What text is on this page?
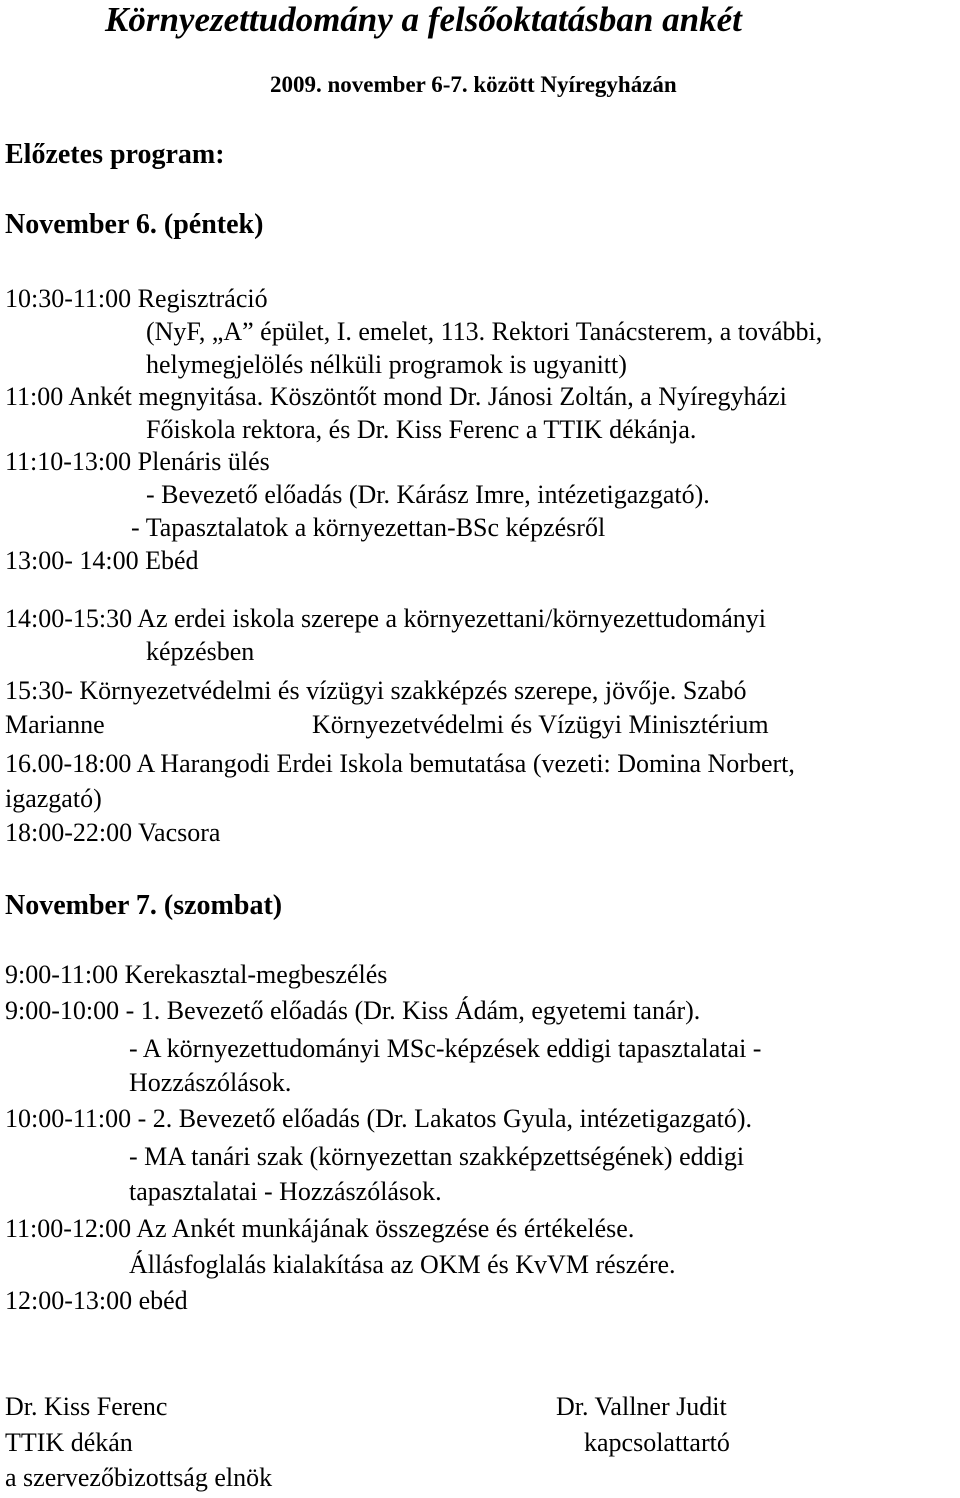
Környezettudomány a felsőoktatásban ankét
2009. november 6-7. között Nyíregyházán
Előzetes program:
November 6. (péntek)
10:30-11:00 Regisztráció
(NyF, „A” épület, I. emelet, 113. Rektori Tanácsterem, a további,
helymegjelölés nélküli programok is ugyanitt)
11:00 Ankét megnyitása. Köszöntőt mond Dr. Jánosi Zoltán, a Nyíregyházi
Főiskola rektora, és Dr. Kiss Ferenc a TTIK dékánja.
11:10-13:00 Plenáris ülés
- Bevezető előadás (Dr. Kárász Imre, intézetigazgató).
- Tapasztalatok a környezettan-BSc képzésről
13:00- 14:00 Ebéd
14:00-15:30 Az erdei iskola szerepe a környezettani/környezettudományi
képzésben
15:30- Környezetvédelmi és vízügyi szakképzés szerepe, jövője. Szabó
Marianne	Környezetvédelmi és Vízügyi Minisztérium
16.00-18:00 A Harangodi Erdei Iskola bemutatása (vezeti: Domina Norbert,
igazgató)
18:00-22:00 Vacsora
November 7. (szombat)
9:00-11:00 Kerekasztal-megbeszélés
9:00-10:00 - 1. Bevezető előadás (Dr. Kiss Ádám, egyetemi tanár).
- A környezettudományi MSc-képzések eddigi tapasztalatai -
Hozzászólások.
10:00-11:00 - 2. Bevezető előadás (Dr. Lakatos Gyula, intézetigazgató).
- MA tanári szak (környezettan szakképzettségének) eddigi
tapasztalatai - Hozzászólások.
11:00-12:00 Az Ankét munkájának összegzése és értékelése.
Állásfoglalás kialakítása az OKM és KvVM részére.
12:00-13:00 ebéd
Dr. Kiss Ferenc
TTIK dékán
a szervezőbizottság elnök
Dr. Vallner Judit
kapcsolattartó
